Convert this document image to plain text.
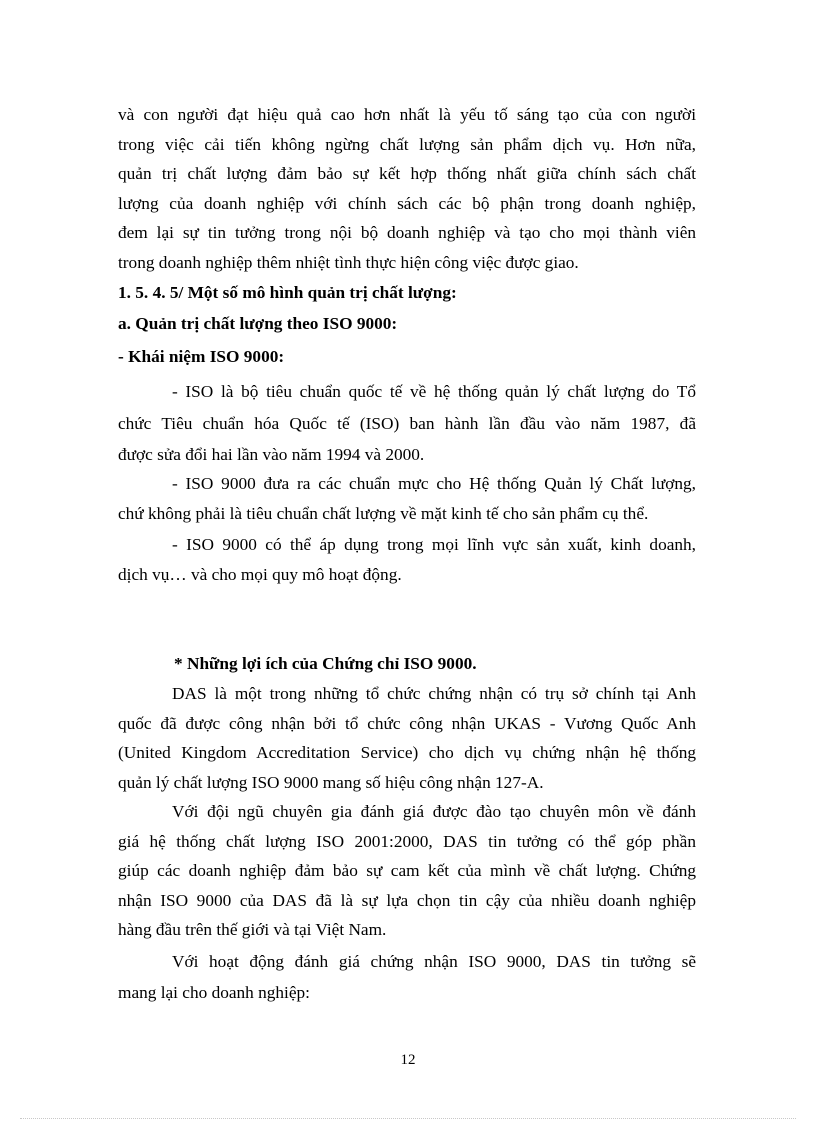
và con người đạt hiệu quả cao hơn nhất là yếu tố sáng tạo của con người
trong việc cải tiến không ngừng chất lượng sản phẩm dịch vụ. Hơn nữa,
quản trị chất lượng đảm bảo sự kết hợp thống nhất giữa chính sách chất
lượng của doanh nghiệp với chính sách các bộ phận trong doanh nghiệp,
đem lại sự tin tưởng trong nội bộ doanh nghiệp và tạo cho mọi thành viên
trong doanh nghiệp thêm nhiệt tình thực hiện công việc được giao.
1. 5. 4. 5/ Một số mô hình quản trị chất lượng:
a. Quản trị chất lượng theo ISO 9000:
- Khái niệm ISO 9000:
- ISO là bộ tiêu chuẩn quốc tế về hệ thống quản lý chất lượng do Tổ
chức Tiêu chuẩn hóa Quốc tế (ISO) ban hành lần đầu vào năm 1987, đã
được sửa đổi hai lần vào năm 1994 và 2000.
- ISO 9000 đưa ra các chuẩn mực cho Hệ thống Quản lý Chất lượng,
chứ không phải là tiêu chuẩn chất lượng về mặt kinh tế cho sản phẩm cụ thể.
- ISO 9000 có thể áp dụng trong mọi lĩnh vực sản xuất, kinh doanh,
dịch vụ… và cho mọi quy mô hoạt động.
* Những lợi ích của Chứng chỉ ISO 9000.
DAS là một trong những tổ chức chứng nhận có trụ sở chính tại Anh
quốc đã được công nhận bởi tổ chức công nhận UKAS - Vương Quốc Anh
(United Kingdom Accreditation Service) cho dịch vụ chứng nhận hệ thống
quản lý chất lượng ISO 9000 mang số hiệu công nhận 127-A.
Với đội ngũ chuyên gia đánh giá được đào tạo chuyên môn về đánh
giá hệ thống chất lượng ISO 2001:2000, DAS tin tưởng có thể góp phần
giúp các doanh nghiệp đảm bảo sự cam kết của mình về chất lượng. Chứng
nhận ISO 9000 của DAS đã là sự lựa chọn tin cậy của nhiều doanh nghiệp
hàng đầu trên thế giới và tại Việt Nam.
Với hoạt động đánh giá chứng nhận ISO 9000, DAS tin tưởng sẽ
mang lại cho doanh nghiệp:
12
